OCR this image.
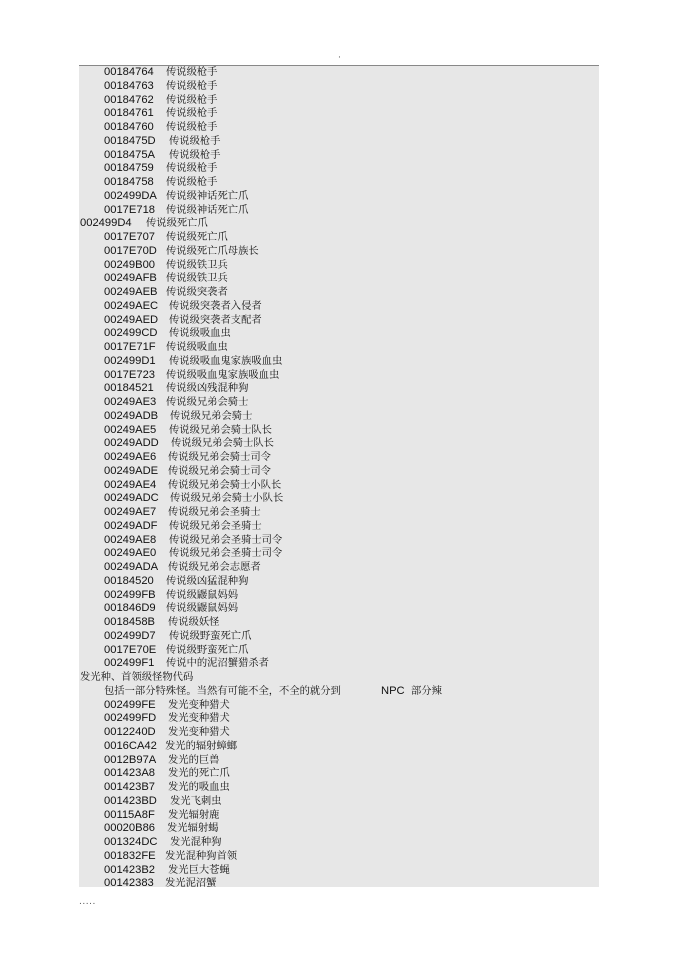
·
00184764 传说级枪手
00184763 传说级枪手
00184762 传说级枪手
00184761 传说级枪手
00184760 传说级枪手
0018475D 传说级枪手
0018475A 传说级枪手
00184759 传说级枪手
00184758 传说级枪手
002499DA 传说级神话死亡爪
0017E718 传说级神话死亡爪
002499D4 传说级死亡爪
0017E707 传说级死亡爪
0017E70D 传说级死亡爪母族长
00249B00 传说级铁卫兵
00249AFB 传说级铁卫兵
00249AEB 传说级突袭者
00249AEC 传说级突袭者入侵者
00249AED 传说级突袭者支配者
002499CD 传说级吸血虫
0017E71F 传说级吸血虫
002499D1 传说级吸血鬼家族吸血虫
0017E723 传说级吸血鬼家族吸血虫
00184521 传说级凶残混种狗
00249AE3 传说级兄弟会骑士
00249ADB 传说级兄弟会骑士
00249AE5 传说级兄弟会骑士队长
00249ADD 传说级兄弟会骑士队长
00249AE6 传说级兄弟会骑士司令
00249ADE 传说级兄弟会骑士司令
00249AE4 传说级兄弟会骑士小队长
00249ADC 传说级兄弟会骑士小队长
00249AE7 传说级兄弟会圣骑士
00249ADF 传说级兄弟会圣骑士
00249AE8 传说级兄弟会圣骑士司令
00249AE0 传说级兄弟会圣骑士司令
00249ADA 传说级兄弟会志愿者
00184520 传说级凶猛混种狗
002499FB 传说级鼹鼠妈妈
001846D9 传说级鼹鼠妈妈
0018458B 传说级妖怪
002499D7 传说级野蛮死亡爪
0017E70E 传说级野蛮死亡爪
002499F1 传说中的泥沼蟹猎杀者
发光种、首领级怪物代码
包括一部分特殊怪。当然有可能不全，不全的就分到	NPC 部分辣
002499FE 发光变种猎犬
002499FD 发光变种猎犬
0012240D 发光变种猎犬
0016CA42 发光的辐射蟑螂
0012B97A 发光的巨兽
001423A8 发光的死亡爪
001423B7 发光的吸血虫
001423BD 发光飞刺虫
00115A8F 发光辐射鹿
00020B86 发光辐射蝎
001324DC 发光混种狗
001832FE 发光混种狗首领
001423B2 发光巨大苍蝇
00142383 发光泥沼蟹
.....
